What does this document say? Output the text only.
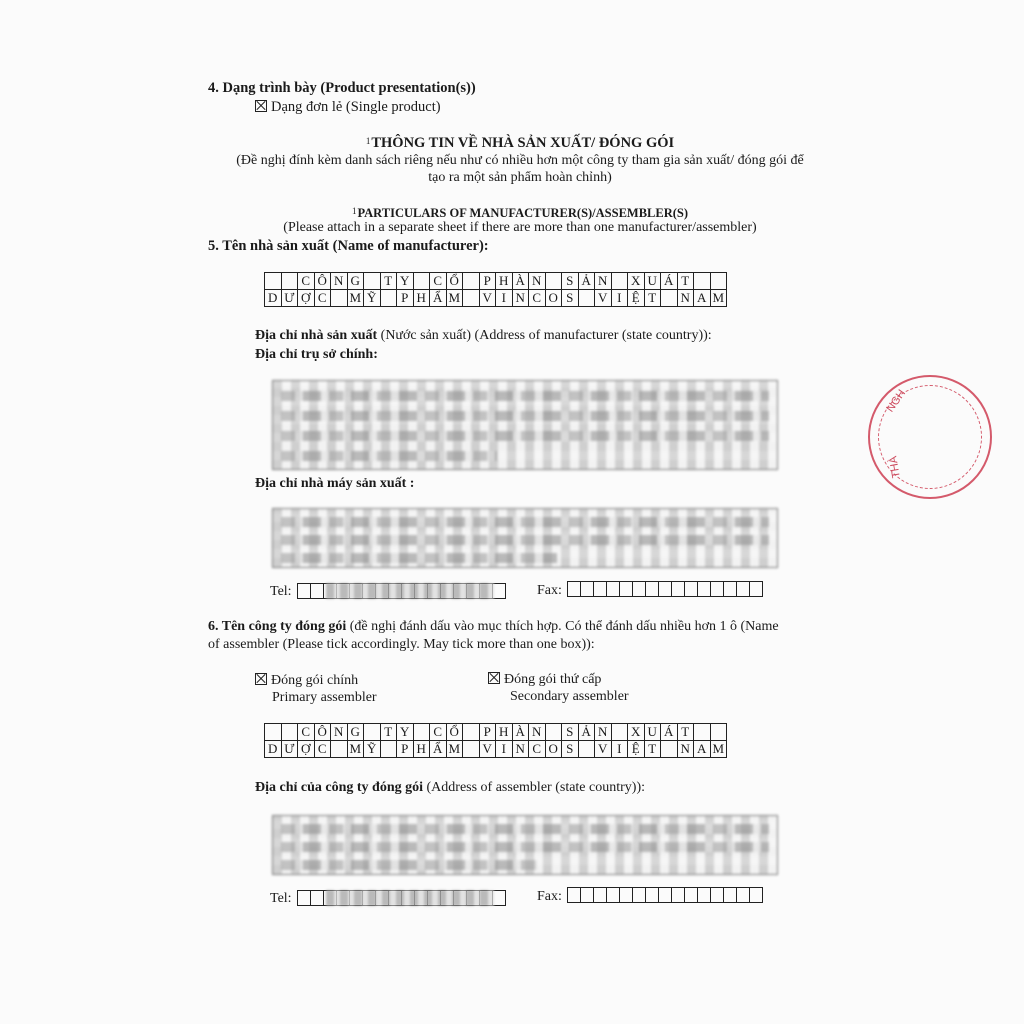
4. Dạng trình bày (Product presentation(s))
Dạng đơn lẻ (Single product)
$^1$THÔNG TIN VỀ NHÀ SẢN XUẤT/ ĐÓNG GÓI
(Đề nghị đính kèm danh sách riêng nếu như có nhiều hơn một công ty tham gia sản xuất/ đóng gói để
tạo ra một sản phẩm hoàn chỉnh)
$^1$PARTICULARS OF MANUFACTURER(S)/ASSEMBLER(S)
(Please attach in a separate sheet if there are more than one manufacturer/assembler)
5. Tên nhà sản xuất (Name of manufacturer):
		C	Ô	N	G		T	Y		C	Ổ		P	H	À	N		S	Ả	N		X	U	Á	T		
D	Ư	Ợ	C		M	Ỹ		P	H	Ẩ	M		V	I	N	C	O	S		V	I	Ệ	T		N	A	M
Địa chỉ nhà sản xuất (Nước sản xuất) (Address of manufacturer (state country)):
Địa chỉ trụ sở chính:
Địa chỉ nhà máy sản xuất :
Tel:	Fax:
6. Tên công ty đóng gói (đề nghị đánh dấu vào mục thích hợp. Có thể đánh dấu nhiều hơn 1 ô (Name
of assembler (Please tick accordingly. May tick more than one box)):
Đóng gói chính
Primary assembler
Đóng gói thứ cấp
Secondary assembler
		C	Ô	N	G		T	Y		C	Ổ		P	H	À	N		S	Ả	N		X	U	Á	T		
D	Ư	Ợ	C		M	Ỹ		P	H	Ẩ	M		V	I	N	C	O	S		V	I	Ệ	T		N	A	M
Địa chỉ của công ty đóng gói (Address of assembler (state country)):
Tel:	Fax:
NGH
THÀ
